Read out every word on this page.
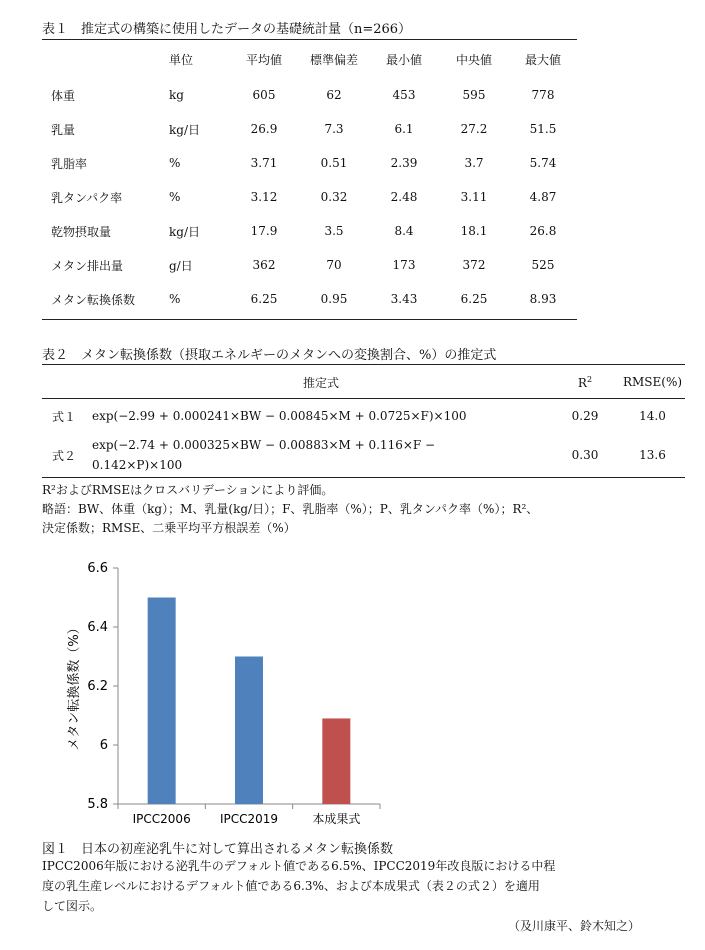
表１　推定式の構築に使用したデータの基礎統計量（n=266）
	単位	平均値	標準偏差	最小値	中央値	最大値
体重	kg	605	62	453	595	778
乳量	kg/日	26.9	7.3	6.1	27.2	51.5
乳脂率	%	3.71	0.51	2.39	3.7	5.74
乳タンパク率	%	3.12	0.32	2.48	3.11	4.87
乾物摂取量	kg/日	17.9	3.5	8.4	18.1	26.8
メタン排出量	g/日	362	70	173	372	525
メタン転換係数	%	6.25	0.95	3.43	6.25	8.93
表２　メタン転換係数（摂取エネルギーのメタンへの変換割合、%）の推定式
	推定式	$R^2$	RMSE(%)
式１	exp(−2.99 + 0.000241×BW − 0.00845×M + 0.0725×F)×100	0.29	14.0
式２	exp(−2.74 + 0.000325×BW − 0.00883×M + 0.116×F −
0.142×P)×100	0.30	13.6
R²およびRMSEはクロスバリデーションにより評価。
略語：BW、体重（kg）；M、乳量(kg/日）；F、乳脂率（%）；P、乳タンパク率（%）；R²、
決定係数；RMSE、二乗平均平方根誤差（%）
メタン転換係数（%）
5.8
6
6.2
6.4
6.6
IPCC2006 IPCC2019	本成果式
図１　日本の初産泌乳牛に対して算出されるメタン転換係数
IPCC2006年版における泌乳牛のデフォルト値である6.5%、IPCC2019年改良版における中程
度の乳生産レベルにおけるデフォルト値である6.3%、および本成果式（表２の式２）を適用
して図示。
（及川康平、鈴木知之）
